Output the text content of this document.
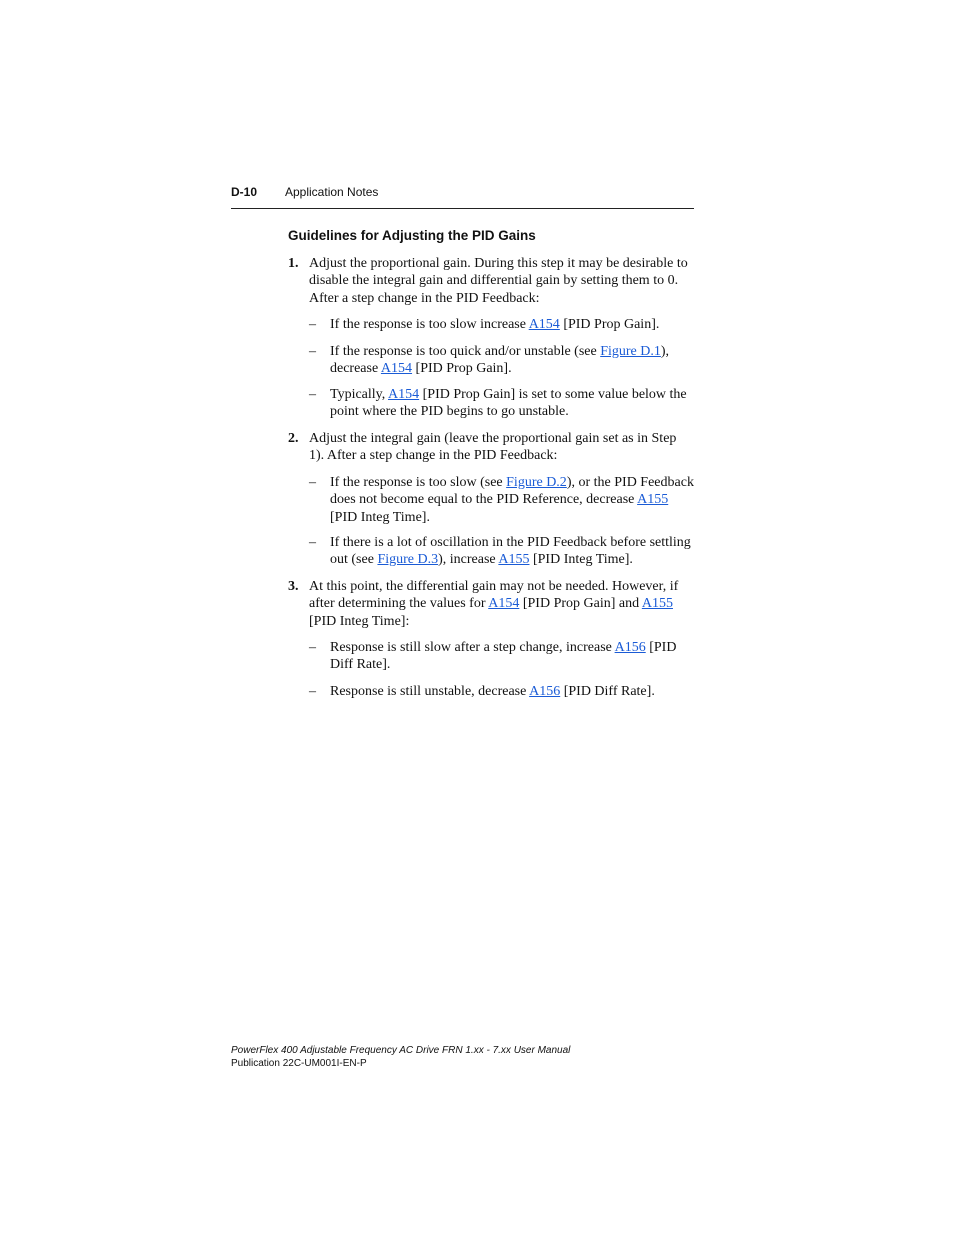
D-10 Application Notes
Guidelines for Adjusting the PID Gains
1. Adjust the proportional gain. During this step it may be desirable to disable the integral gain and differential gain by setting them to 0. After a step change in the PID Feedback:
– If the response is too slow increase A154 [PID Prop Gain].
– If the response is too quick and/or unstable (see Figure D.1), decrease A154 [PID Prop Gain].
– Typically, A154 [PID Prop Gain] is set to some value below the point where the PID begins to go unstable.
2. Adjust the integral gain (leave the proportional gain set as in Step 1). After a step change in the PID Feedback:
– If the response is too slow (see Figure D.2), or the PID Feedback does not become equal to the PID Reference, decrease A155 [PID Integ Time].
– If there is a lot of oscillation in the PID Feedback before settling out (see Figure D.3), increase A155 [PID Integ Time].
3. At this point, the differential gain may not be needed. However, if after determining the values for A154 [PID Prop Gain] and A155 [PID Integ Time]:
– Response is still slow after a step change, increase A156 [PID Diff Rate].
– Response is still unstable, decrease A156 [PID Diff Rate].
PowerFlex 400 Adjustable Frequency AC Drive FRN 1.xx - 7.xx User Manual
Publication 22C-UM001I-EN-P
